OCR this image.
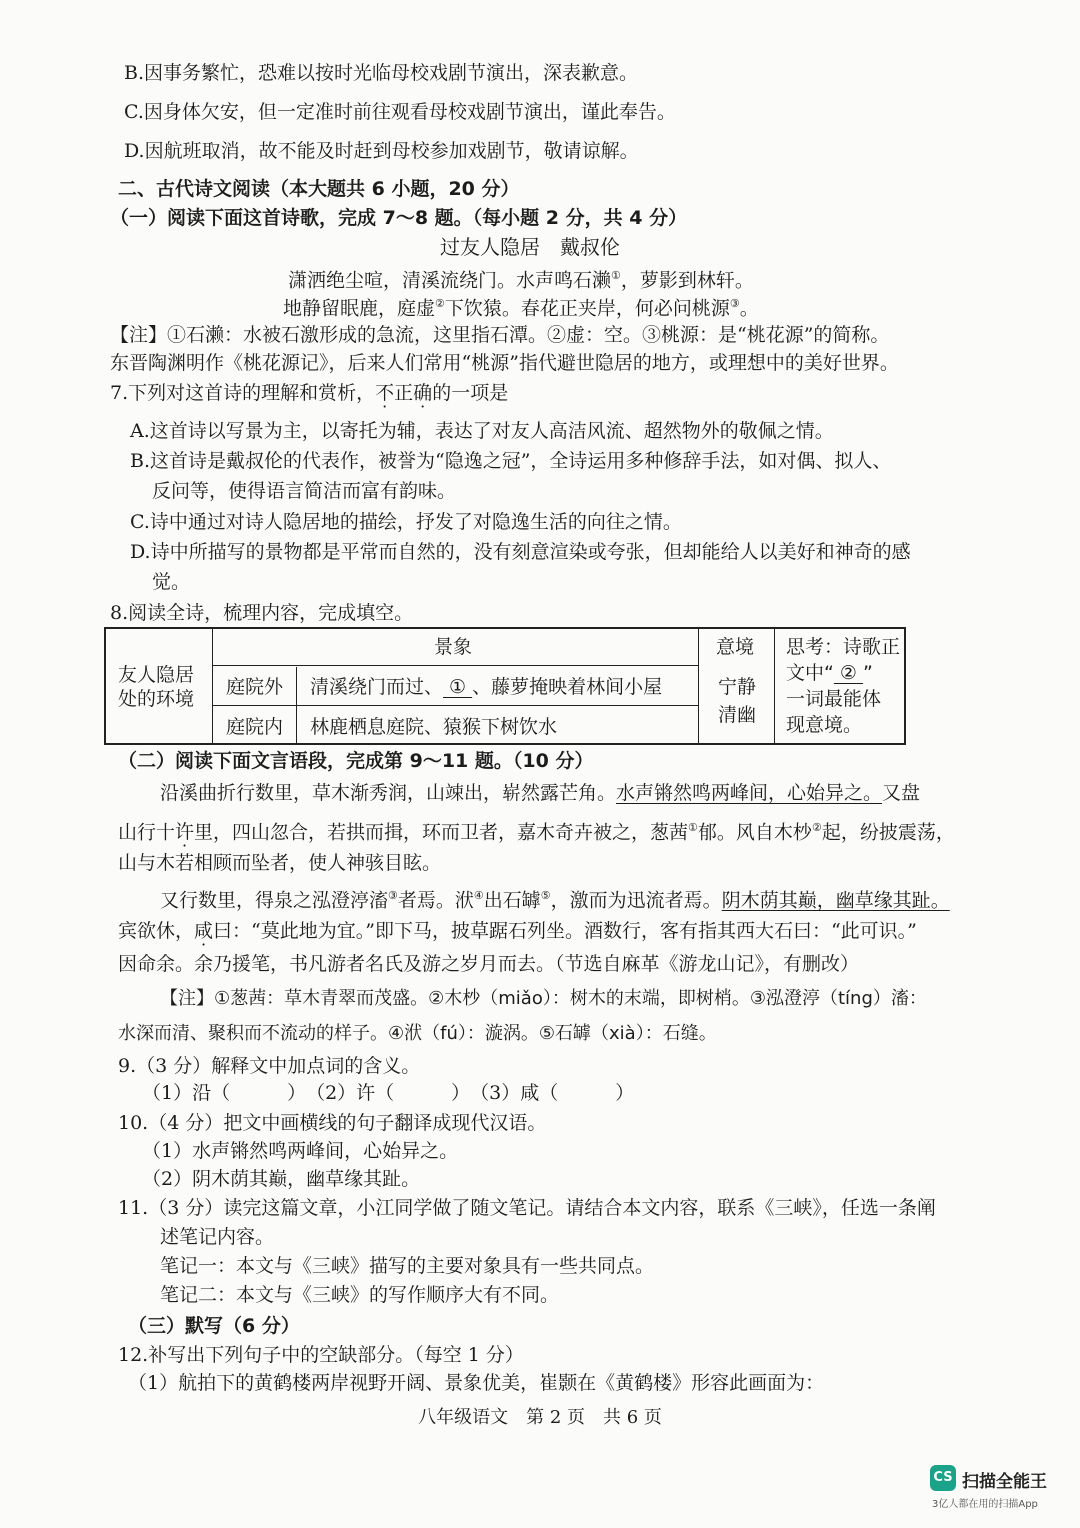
B.因事务繁忙，恐难以按时光临母校戏剧节演出，深表歉意。
C.因身体欠安，但一定准时前往观看母校戏剧节演出，谨此奉告。
D.因航班取消，故不能及时赶到母校参加戏剧节，敬请谅解。
二、古代诗文阅读（本大题共 6 小题，20 分）
（一）阅读下面这首诗歌，完成 7～8 题。（每小题 2 分，共 4 分）
过友人隐居　戴叔伦
潇洒绝尘喧，清溪流绕门。水声鸣石濑①，萝影到林轩。
地静留眠鹿，庭虚②下饮猿。春花正夹岸，何必问桃源③。
【注】①石濑：水被石激形成的急流，这里指石潭。②虚：空。③桃源：是“桃花源”的简称。
东晋陶渊明作《桃花源记》，后来人们常用“桃源”指代避世隐居的地方，或理想中的美好世界。
7.下列对这首诗的理解和赏析，不正确的一项是
A.这首诗以写景为主，以寄托为辅，表达了对友人高洁风流、超然物外的敬佩之情。
B.这首诗是戴叔伦的代表作，被誉为“隐逸之冠”，全诗运用多种修辞手法，如对偶、拟人、
反问等，使得语言简洁而富有韵味。
C.诗中通过对诗人隐居地的描绘，抒发了对隐逸生活的向往之情。
D.诗中所描写的景物都是平常而自然的，没有刻意渲染或夸张，但却能给人以美好和神奇的感
觉。
8.阅读全诗，梳理内容，完成填空。
友人隐居
处的环境
景象	意境
庭院外 清溪绕门而过、 ① 、藤萝掩映着林间小屋
庭院内 林鹿栖息庭院、猿猴下树饮水
宁静
清幽
思考：诗歌正
文中“ ② ”
一词最能体
现意境。
（二）阅读下面文言语段，完成第 9～11 题。（10 分）
沿溪曲折行数里，草木渐秀润，山竦出，崭然露芒角。水声锵然鸣两峰间，心始异之。又盘
山行十许里，四山忽合，若拱而揖，环而卫者，嘉木奇卉被之，葱茜①郁。风自木杪②起，纷披震荡，
山与木若相顾而坠者，使人神骇目眩。
又行数里，得泉之泓澄渟滀③者焉。洑④出石罅⑤，激而为迅流者焉。阴木荫其巅，幽草缘其趾。
宾欲休，咸曰：“莫此地为宜。”即下马，披草踞石列坐。酒数行，客有指其西大石曰：“此可识。”
因命余。余乃援笔，书凡游者名氏及游之岁月而去。（节选自麻革《游龙山记》，有删改）
【注】①葱茜：草木青翠而茂盛。②木杪（miǎo）：树木的末端，即树梢。③泓澄渟（tíng）滀：
水深而清、聚积而不流动的样子。④洑（fú）：漩涡。⑤石罅（xià）：石缝。
9.（3 分）解释文中加点词的含义。
（1）沿（　　　）　（2）许（　　　）　（3）咸（　　　）
10.（4 分）把文中画横线的句子翻译成现代汉语。
（1）水声锵然鸣两峰间，心始异之。
（2）阴木荫其巅，幽草缘其趾。
11.（3 分）读完这篇文章，小江同学做了随文笔记。请结合本文内容，联系《三峡》，任选一条阐
述笔记内容。
笔记一：本文与《三峡》描写的主要对象具有一些共同点。
笔记二：本文与《三峡》的写作顺序大有不同。
（三）默写（6 分）
12.补写出下列句子中的空缺部分。（每空 1 分）
（1）航拍下的黄鹤楼两岸视野开阔、景象优美，崔颢在《黄鹤楼》形容此画面为：
八年级语文　第 2 页　共 6 页
CS 扫描全能王
3亿人都在用的扫描App
